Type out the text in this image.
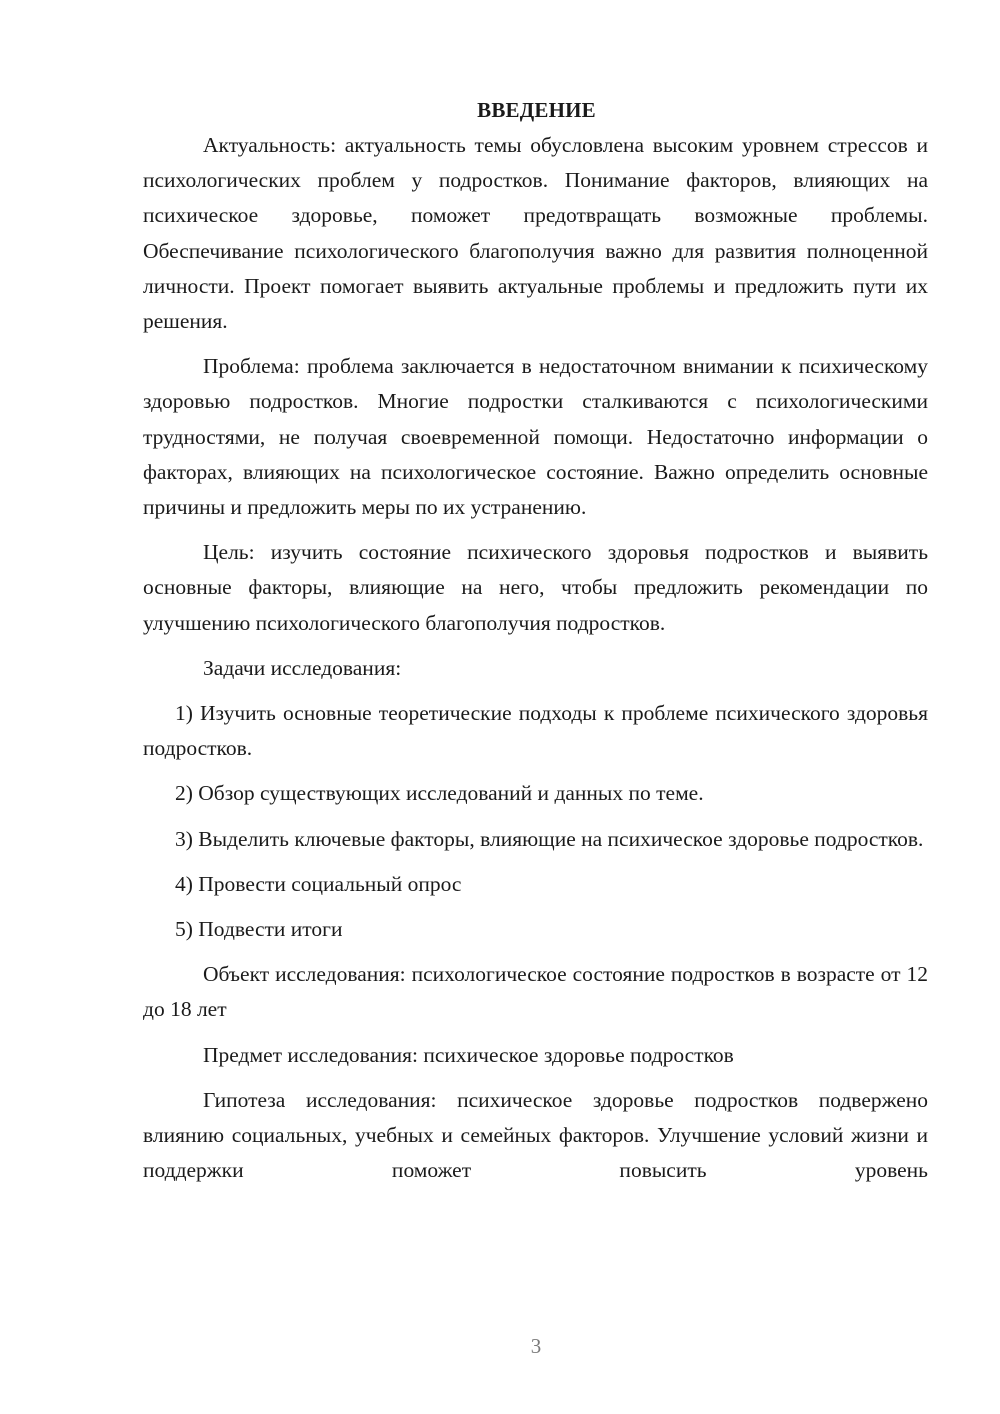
ВВЕДЕНИЕ

Актуальность: актуальность темы обусловлена высоким уровнем стрессов и психологических проблем у подростков. Понимание факторов, влияющих на психическое здоровье, поможет предотвращать возможные проблемы. Обеспечивание психологического благополучия важно для развития полноценной личности. Проект помогает выявить актуальные проблемы и предложить пути их решения.

Проблема: проблема заключается в недостаточном внимании к психическому здоровью подростков. Многие подростки сталкиваются с психологическими трудностями, не получая своевременной помощи. Недостаточно информации о факторах, влияющих на психологическое состояние. Важно определить основные причины и предложить меры по их устранению.

Цель: изучить состояние психического здоровья подростков и выявить основные факторы, влияющие на него, чтобы предложить рекомендации по улучшению психологического благополучия подростков.

Задачи исследования:

1) Изучить основные теоретические подходы к проблеме психического здоровья подростков.

2) Обзор существующих исследований и данных по теме.

3) Выделить ключевые факторы, влияющие на психическое здоровье подростков.

4) Провести социальный опрос

5) Подвести итоги

Объект исследования: психологическое состояние подростков в возрасте от 12 до 18 лет

Предмет исследования: психическое здоровье подростков

Гипотеза исследования: психическое здоровье подростков подвержено влиянию социальных, учебных и семейных факторов. Улучшение условий жизни и поддержки поможет повысить уровень

3
